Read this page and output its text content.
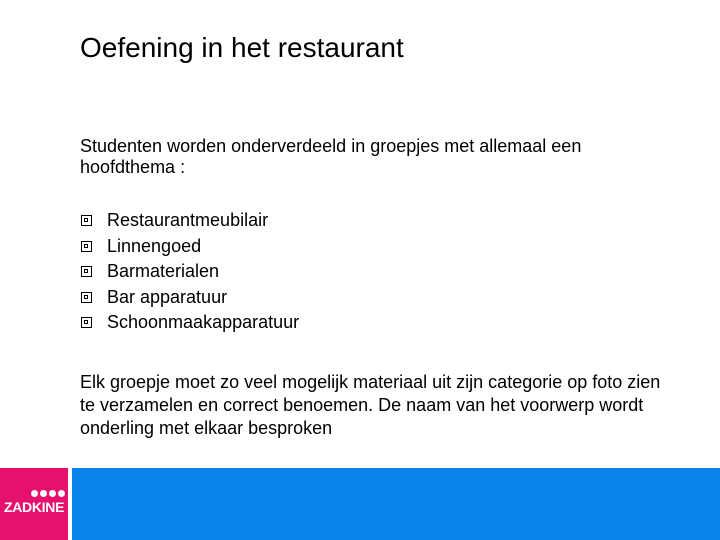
Oefening in het restaurant
Studenten worden onderverdeeld in groepjes met allemaal een hoofdthema :
Restaurantmeubilair
Linnengoed
Barmaterialen
Bar apparatuur
Schoonmaakapparatuur
Elk groepje moet zo veel mogelijk materiaal uit zijn categorie op foto zien te verzamelen en correct benoemen. De naam van het voorwerp wordt onderling met elkaar besproken
ZADKINE
